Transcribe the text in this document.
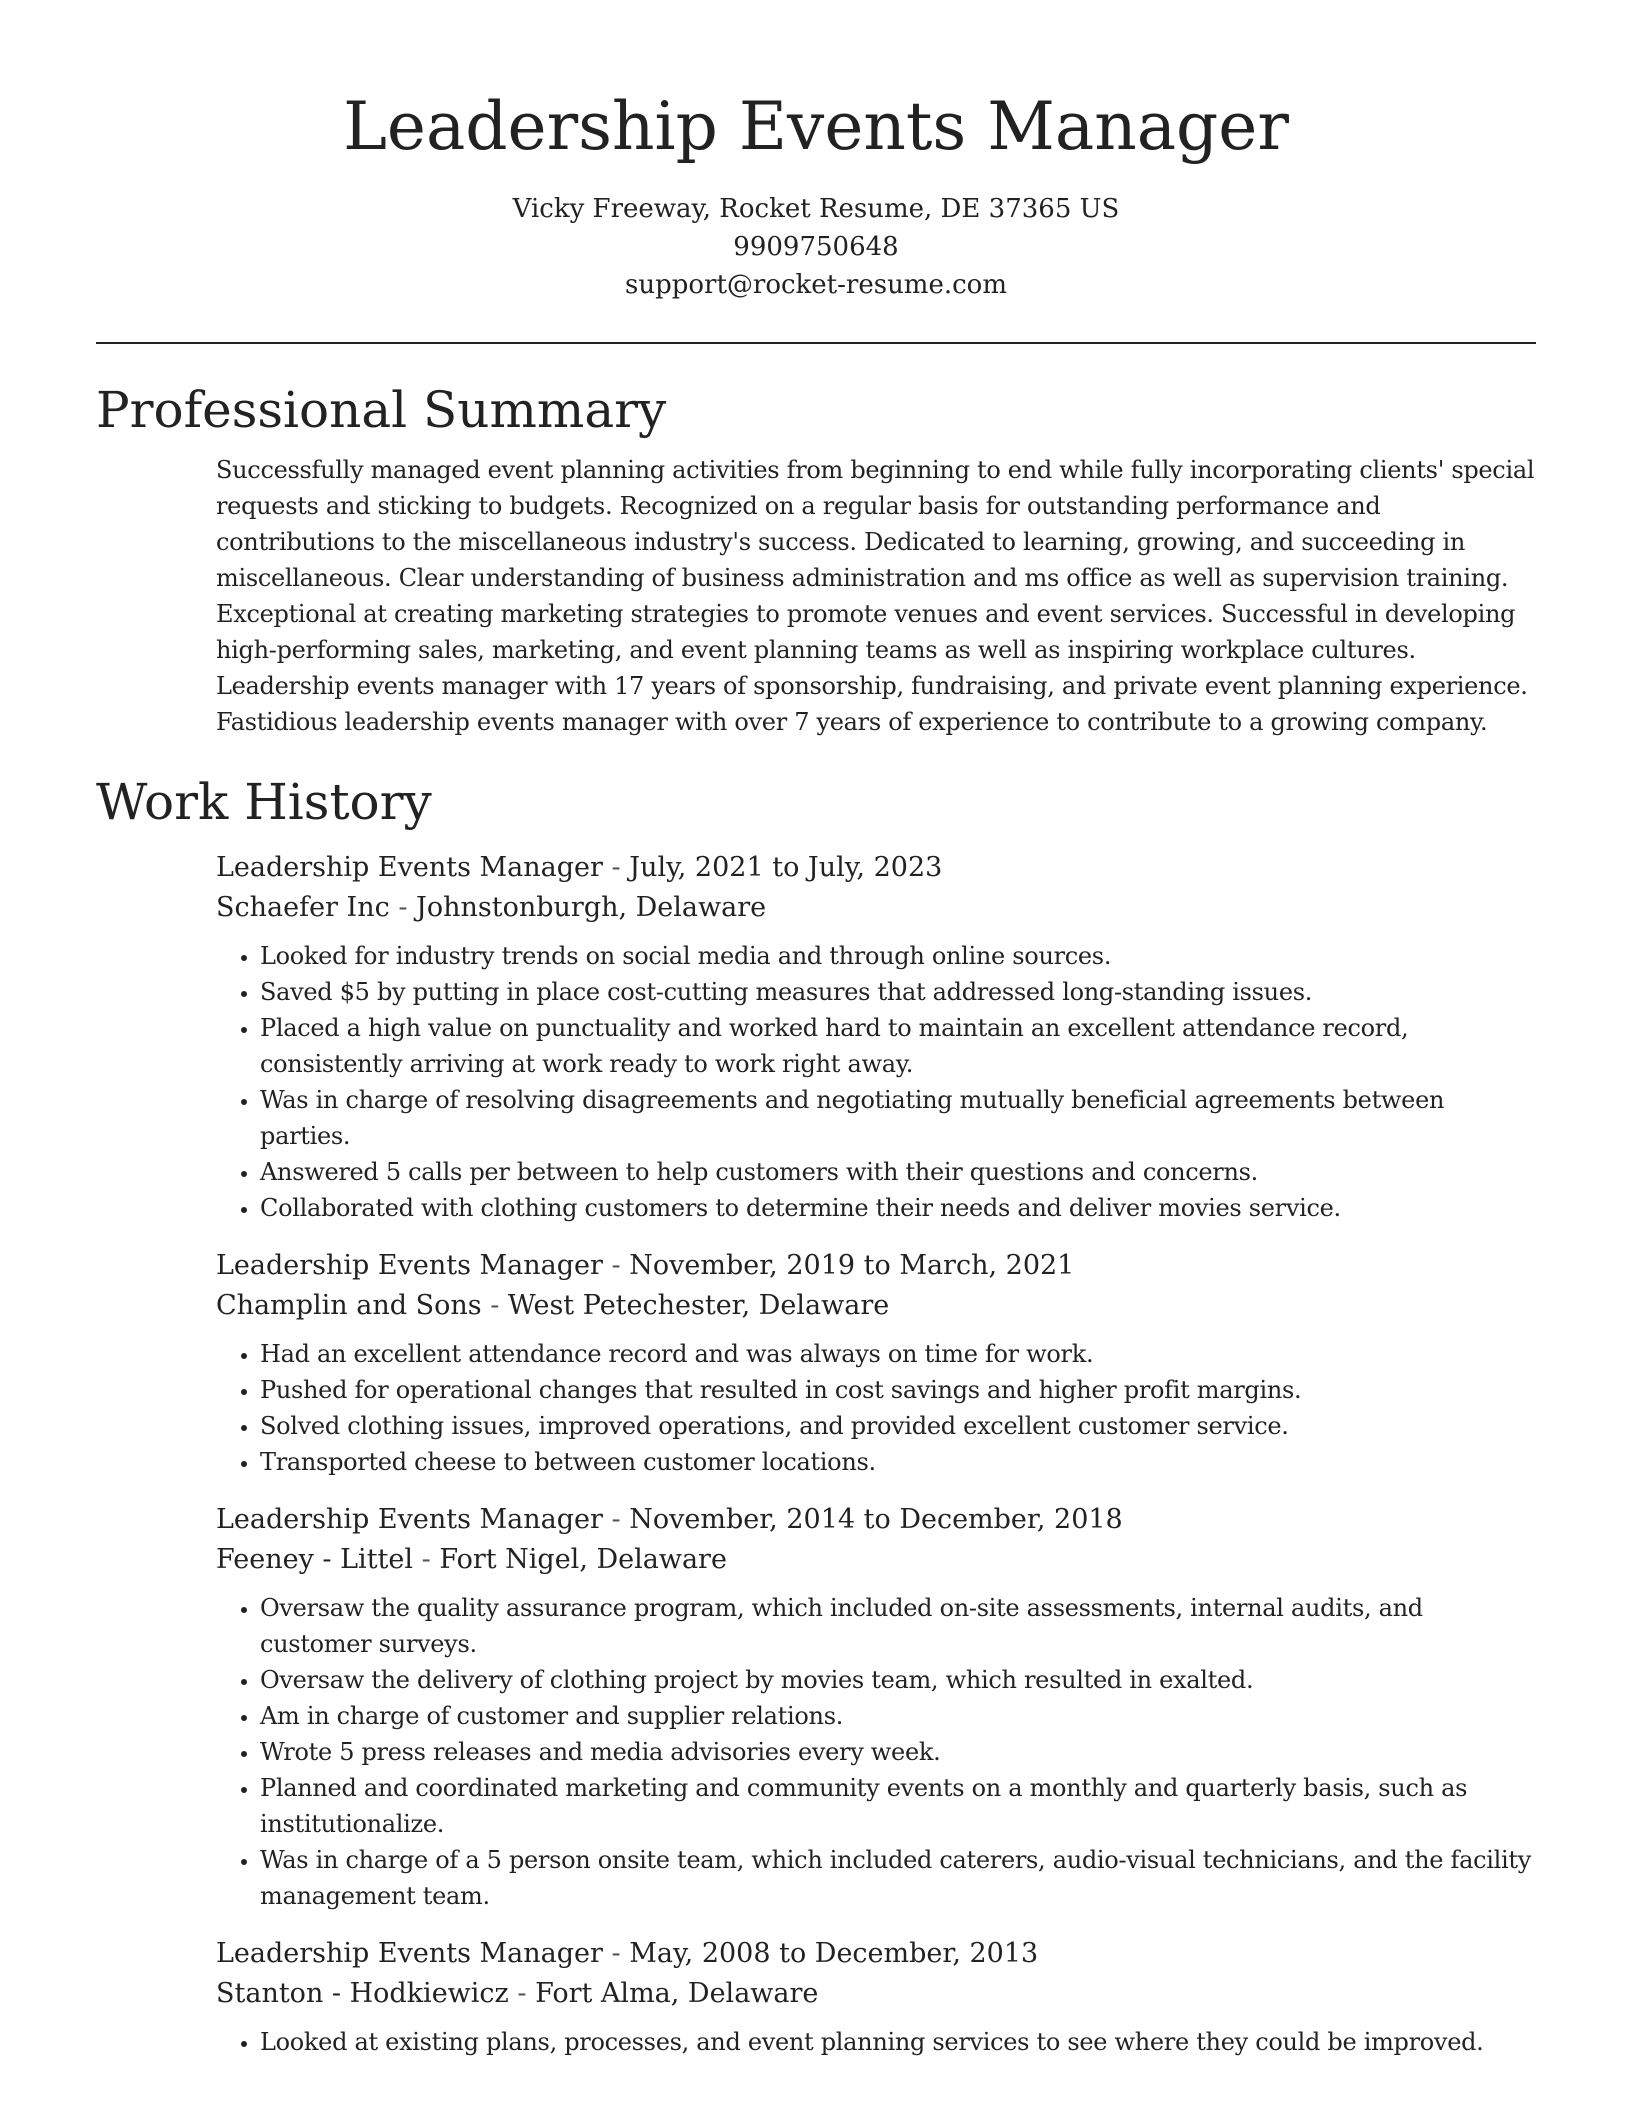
Leadership Events Manager
Vicky Freeway, Rocket Resume, DE 37365 US
9909750648
support@rocket-resume.com
Professional Summary

Successfully managed event planning activities from beginning to end while fully incorporating clients' special requests and sticking to budgets. Recognized on a regular basis for outstanding performance and contributions to the miscellaneous industry's success. Dedicated to learning, growing, and succeeding in miscellaneous. Clear understanding of business administration and ms office as well as supervision training. Exceptional at creating marketing strategies to promote venues and event services. Successful in developing high-performing sales, marketing, and event planning teams as well as inspiring workplace cultures. Leadership events manager with 17 years of sponsorship, fundraising, and private event planning experience. Fastidious leadership events manager with over 7 years of experience to contribute to a growing company.

Work History
Leadership Events Manager - July, 2021 to July, 2023
Schaefer Inc - Johnstonburgh, Delaware
• Looked for industry trends on social media and through online sources.
• Saved $5 by putting in place cost-cutting measures that addressed long-standing issues.
• Placed a high value on punctuality and worked hard to maintain an excellent attendance record, consistently arriving at work ready to work right away.
• Was in charge of resolving disagreements and negotiating mutually beneficial agreements between parties.
• Answered 5 calls per between to help customers with their questions and concerns.
• Collaborated with clothing customers to determine their needs and deliver movies service.
Leadership Events Manager - November, 2019 to March, 2021
Champlin and Sons - West Petechester, Delaware
• Had an excellent attendance record and was always on time for work.
• Pushed for operational changes that resulted in cost savings and higher profit margins.
• Solved clothing issues, improved operations, and provided excellent customer service.
• Transported cheese to between customer locations.
Leadership Events Manager - November, 2014 to December, 2018
Feeney - Littel - Fort Nigel, Delaware
• Oversaw the quality assurance program, which included on-site assessments, internal audits, and customer surveys.
• Oversaw the delivery of clothing project by movies team, which resulted in exalted.
• Am in charge of customer and supplier relations.
• Wrote 5 press releases and media advisories every week.
• Planned and coordinated marketing and community events on a monthly and quarterly basis, such as institutionalize.
• Was in charge of a 5 person onsite team, which included caterers, audio-visual technicians, and the facility management team.
Leadership Events Manager - May, 2008 to December, 2013
Stanton - Hodkiewicz - Fort Alma, Delaware
• Looked at existing plans, processes, and event planning services to see where they could be improved.
